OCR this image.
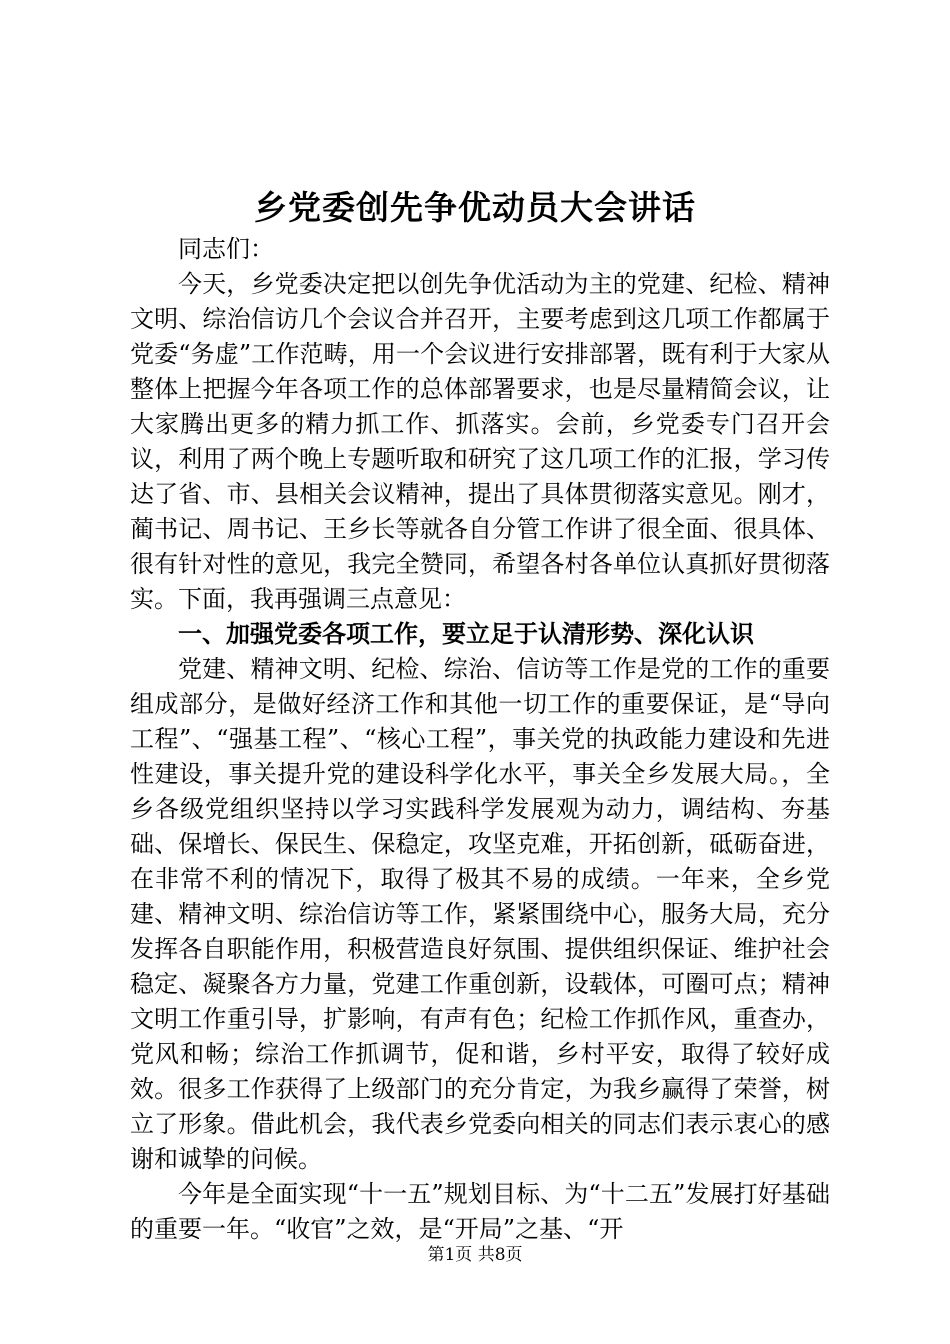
乡党委创先争优动员大会讲话

同志们：

今天，乡党委决定把以创先争优活动为主的党建、纪检、精神文明、综治信访几个会议合并召开，主要考虑到这几项工作都属于党委“务虚”工作范畴，用一个会议进行安排部署，既有利于大家从整体上把握今年各项工作的总体部署要求，也是尽量精简会议，让大家腾出更多的精力抓工作、抓落实。会前，乡党委专门召开会议，利用了两个晚上专题听取和研究了这几项工作的汇报，学习传达了省、市、县相关会议精神，提出了具体贯彻落实意见。刚才，蔺书记、周书记、王乡长等就各自分管工作讲了很全面、很具体、很有针对性的意见，我完全赞同，希望各村各单位认真抓好贯彻落实。下面，我再强调三点意见：

一、加强党委各项工作，要立足于认清形势、深化认识

党建、精神文明、纪检、综治、信访等工作是党的工作的重要组成部分，是做好经济工作和其他一切工作的重要保证，是“导向工程”、“强基工程”、“核心工程”，事关党的执政能力建设和先进性建设，事关提升党的建设科学化水平，事关全乡发展大局。，全乡各级党组织坚持以学习实践科学发展观为动力，调结构、夯基础、保增长、保民生、保稳定，攻坚克难，开拓创新，砥砺奋进，在非常不利的情况下，取得了极其不易的成绩。一年来，全乡党建、精神文明、综治信访等工作，紧紧围绕中心，服务大局，充分发挥各自职能作用，积极营造良好氛围、提供组织保证、维护社会稳定、凝聚各方力量，党建工作重创新，设载体，可圈可点；精神文明工作重引导，扩影响，有声有色；纪检工作抓作风，重查办，党风和畅；综治工作抓调节，促和谐，乡村平安，取得了较好成效。很多工作获得了上级部门的充分肯定，为我乡赢得了荣誉，树立了形象。借此机会，我代表乡党委向相关的同志们表示衷心的感谢和诚挚的问候。

今年是全面实现“十一五”规划目标、为“十二五”发展打好基础的重要一年。“收官”之效，是“开局”之基、“开

第1页 共8页
